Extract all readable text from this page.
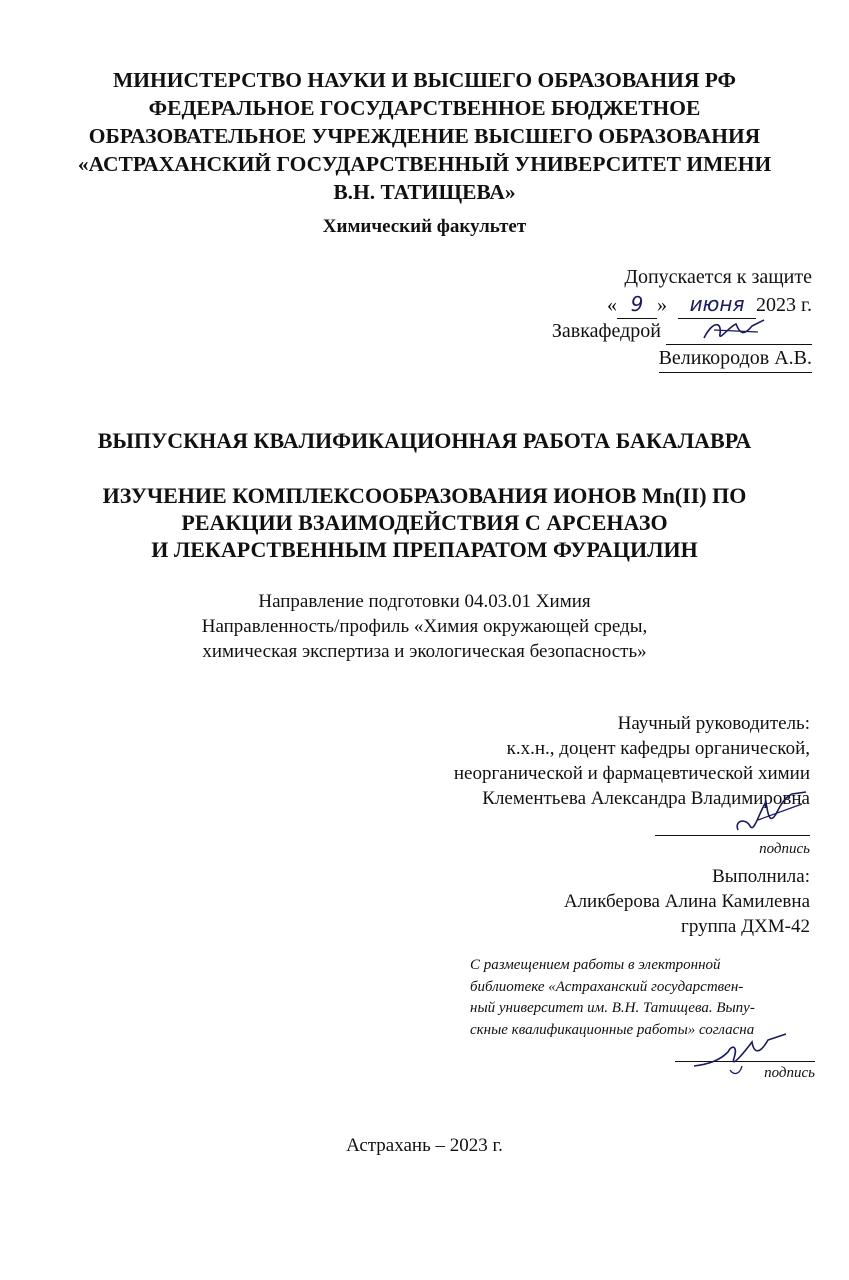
МИНИСТЕРСТВО НАУКИ И ВЫСШЕГО ОБРАЗОВАНИЯ РФ
ФЕДЕРАЛЬНОЕ ГОСУДАРСТВЕННОЕ БЮДЖЕТНОЕ
ОБРАЗОВАТЕЛЬНОЕ УЧРЕЖДЕНИЕ ВЫСШЕГО ОБРАЗОВАНИЯ
«АСТРАХАНСКИЙ ГОСУДАРСТВЕННЫЙ УНИВЕРСИТЕТ ИМЕНИ
В.Н. ТАТИЩЕВА»
Химический факультет
Допускается к защите
« 9 » июня 2023 г.
Завкафедрой
Великородов А.В.
ВЫПУСКНАЯ КВАЛИФИКАЦИОННАЯ РАБОТА БАКАЛАВРА
ИЗУЧЕНИЕ КОМПЛЕКСООБРАЗОВАНИЯ ИОНОВ Mn(II) ПО
РЕАКЦИИ ВЗАИМОДЕЙСТВИЯ С АРСЕНАЗО
И ЛЕКАРСТВЕННЫМ ПРЕПАРАТОМ ФУРАЦИЛИН
Направление подготовки 04.03.01 Химия
Направленность/профиль «Химия окружающей среды,
химическая экспертиза и экологическая безопасность»
Научный руководитель:
к.х.н., доцент кафедры органической,
неорганической и фармацевтической химии
Клементьева Александра Владимировна
подпись
Выполнила:
Аликберова Алина Камилевна
группа ДХМ-42
С размещением работы в электронной
библиотеке «Астраханский государствен-
ный университет им. В.Н. Татищева. Выпу-
скные квалификационные работы» согласна
подпись
Астрахань – 2023 г.
